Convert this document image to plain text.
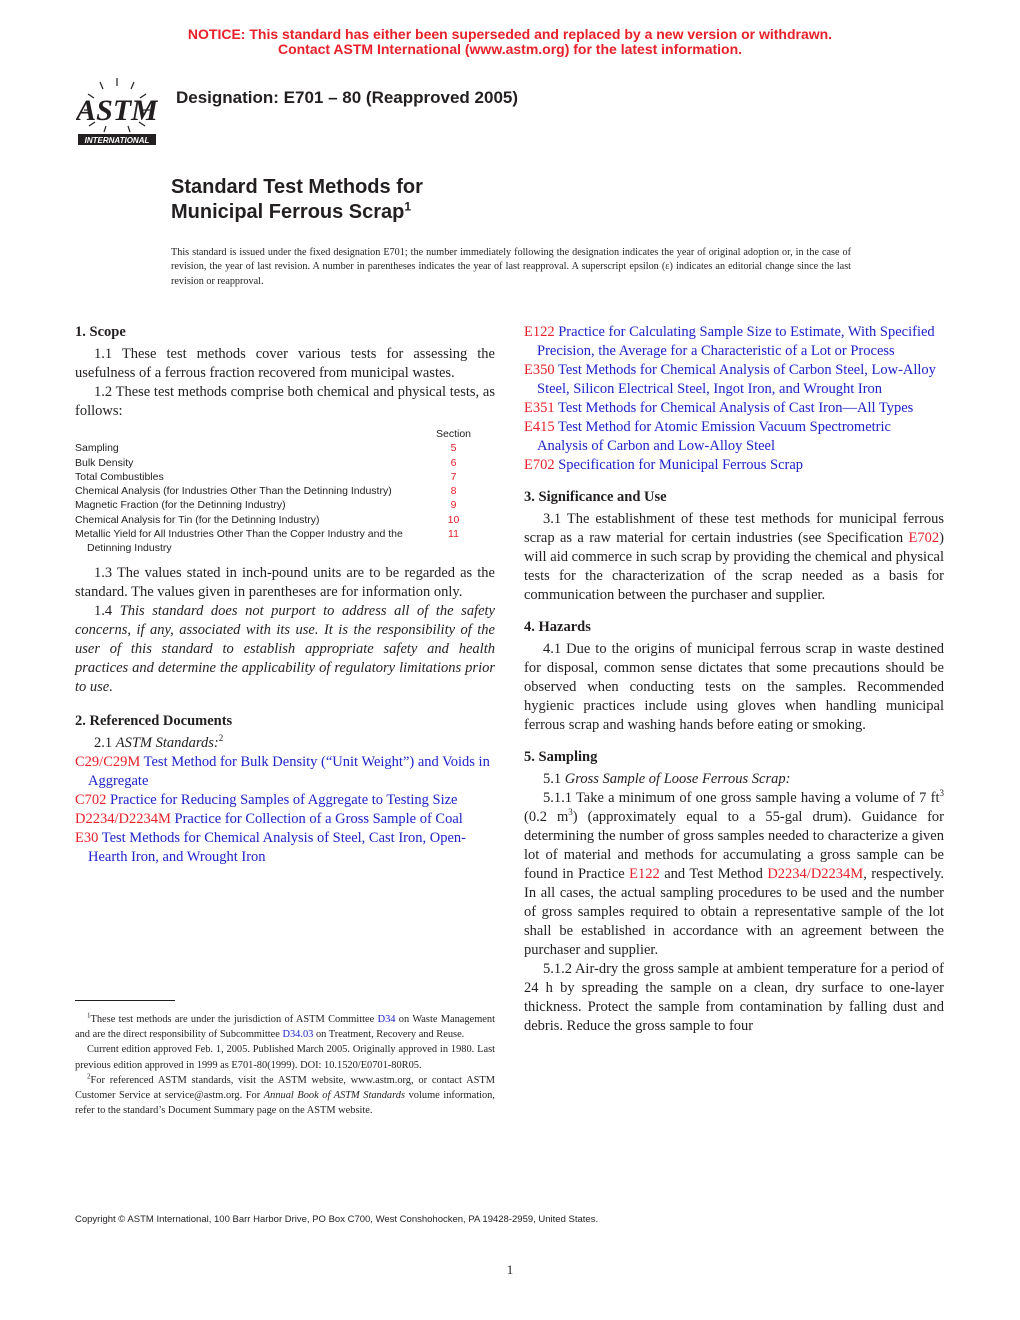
NOTICE: This standard has either been superseded and replaced by a new version or withdrawn.
Contact ASTM International (www.astm.org) for the latest information.
ASTM
INTERNATIONAL
Designation: E701 – 80 (Reapproved 2005)
Standard Test Methods for
Municipal Ferrous Scrap$^1$
This standard is issued under the fixed designation E701; the number immediately following the designation indicates the year of original adoption or, in the case of revision, the year of last revision. A number in parentheses indicates the year of last reapproval. A superscript epsilon (ε) indicates an editorial change since the last revision or reapproval.
1. Scope

1.1 These test methods cover various tests for assessing the usefulness of a ferrous fraction recovered from municipal wastes.

1.2 These test methods comprise both chemical and physical tests, as follows:

	Section
Sampling	5
Bulk Density	6
Total Combustibles	7
Chemical Analysis (for Industries Other Than the Detinning Industry)	8
Magnetic Fraction (for the Detinning Industry)	9
Chemical Analysis for Tin (for the Detinning Industry)	10
Metallic Yield for All Industries Other Than the Copper Industry and the Detinning Industry	11

1.3 The values stated in inch-pound units are to be regarded as the standard. The values given in parentheses are for information only.

1.4 This standard does not purport to address all of the safety concerns, if any, associated with its use. It is the responsibility of the user of this standard to establish appropriate safety and health practices and determine the applicability of regulatory limitations prior to use.

2. Referenced Documents

2.1 ASTM Standards:$^2$

C29/C29M Test Method for Bulk Density (“Unit Weight”) and Voids in Aggregate

C702 Practice for Reducing Samples of Aggregate to Testing Size

D2234/D2234M Practice for Collection of a Gross Sample of Coal

E30 Test Methods for Chemical Analysis of Steel, Cast Iron, Open-Hearth Iron, and Wrought Iron

E122 Practice for Calculating Sample Size to Estimate, With Specified Precision, the Average for a Characteristic of a Lot or Process

E350 Test Methods for Chemical Analysis of Carbon Steel, Low-Alloy Steel, Silicon Electrical Steel, Ingot Iron, and Wrought Iron

E351 Test Methods for Chemical Analysis of Cast Iron—All Types

E415 Test Method for Atomic Emission Vacuum Spectrometric Analysis of Carbon and Low-Alloy Steel

E702 Specification for Municipal Ferrous Scrap

3. Significance and Use

3.1 The establishment of these test methods for municipal ferrous scrap as a raw material for certain industries (see Specification E702) will aid commerce in such scrap by providing the chemical and physical tests for the characterization of the scrap needed as a basis for communication between the purchaser and supplier.

4. Hazards

4.1 Due to the origins of municipal ferrous scrap in waste destined for disposal, common sense dictates that some precautions should be observed when conducting tests on the samples. Recommended hygienic practices include using gloves when handling municipal ferrous scrap and washing hands before eating or smoking.

5. Sampling

5.1 Gross Sample of Loose Ferrous Scrap:

5.1.1 Take a minimum of one gross sample having a volume of 7 $ft^3$ (0.2 $m^3$) (approximately equal to a 55-gal drum). Guidance for determining the number of gross samples needed to characterize a given lot of material and methods for accumulating a gross sample can be found in Practice E122 and Test Method D2234/D2234M, respectively. In all cases, the actual sampling procedures to be used and the number of gross samples required to obtain a representative sample of the lot shall be established in accordance with an agreement between the purchaser and supplier.

5.1.2 Air-dry the gross sample at ambient temperature for a period of 24 h by spreading the sample on a clean, dry surface to one-layer thickness. Protect the sample from contamination by falling dust and debris. Reduce the gross sample to four

$^1$These test methods are under the jurisdiction of ASTM Committee D34 on Waste Management and are the direct responsibility of Subcommittee D34.03 on Treatment, Recovery and Reuse.

Current edition approved Feb. 1, 2005. Published March 2005. Originally approved in 1980. Last previous edition approved in 1999 as E701-80(1999). DOI: 10.1520/E0701-80R05.

$^2$For referenced ASTM standards, visit the ASTM website, www.astm.org, or contact ASTM Customer Service at service@astm.org. For Annual Book of ASTM Standards volume information, refer to the standard’s Document Summary page on the ASTM website.

Copyright © ASTM International, 100 Barr Harbor Drive, PO Box C700, West Conshohocken, PA 19428-2959, United States.
1
